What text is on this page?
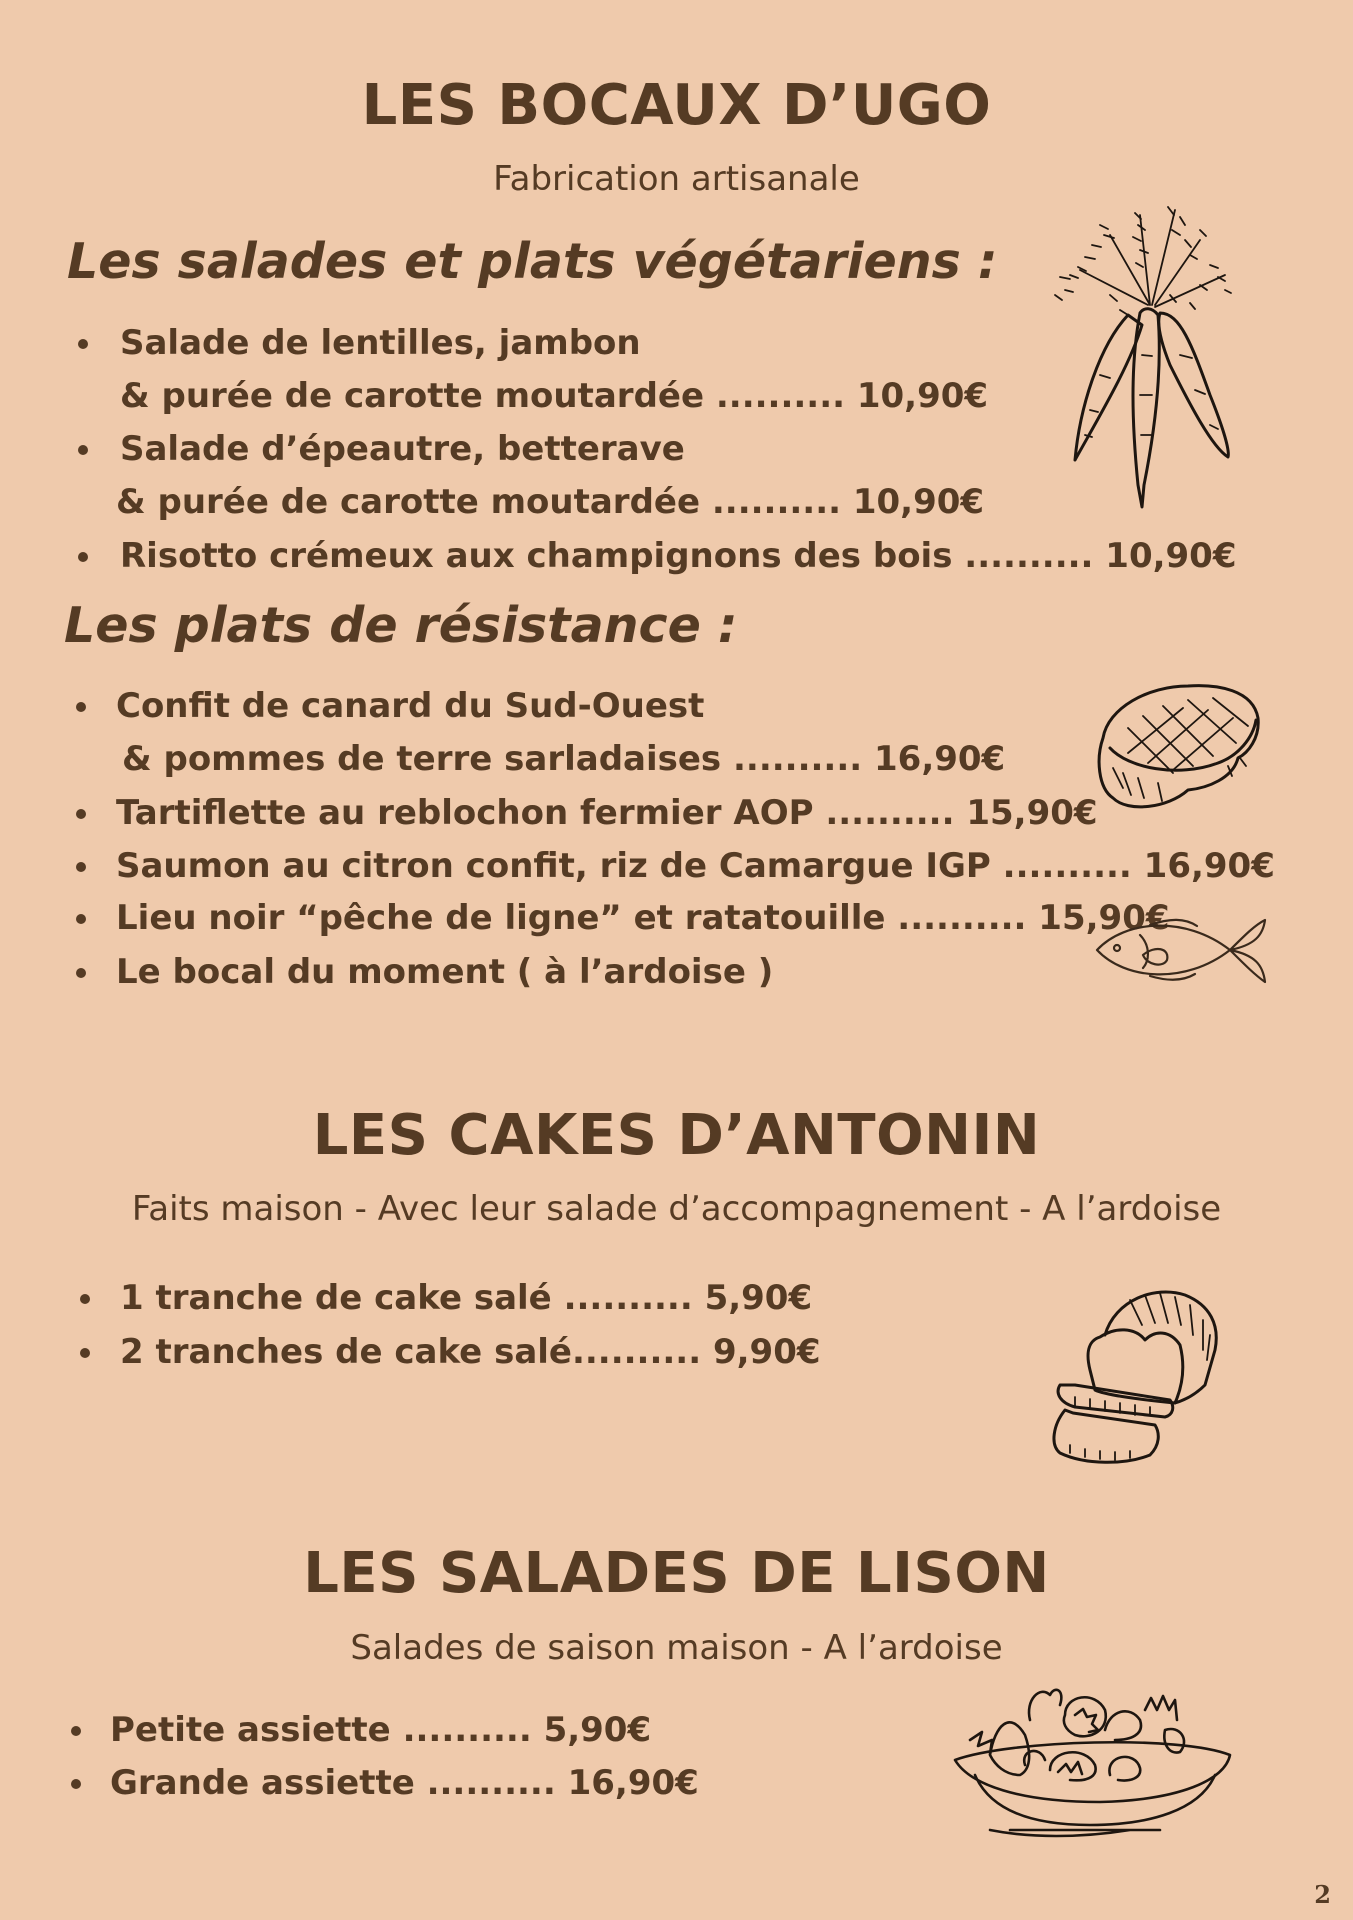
LES BOCAUX D’UGO
Fabrication artisanale
Les salades et plats végétariens :
Salade de lentilles, jambon
& purée de carotte moutardée .......... 10,90€
Salade d’épeautre, betterave
& purée de carotte moutardée .......... 10,90€
Risotto crémeux aux champignons des bois .......... 10,90€
Les plats de résistance :
Confit de canard du Sud-Ouest
& pommes de terre sarladaises .......... 16,90€
Tartiflette au reblochon fermier AOP .......... 15,90€
Saumon au citron confit, riz de Camargue IGP .......... 16,90€
Lieu noir “pêche de ligne” et ratatouille .......... 15,90€
Le bocal du moment ( à l’ardoise )
LES CAKES D’ANTONIN
Faits maison - Avec leur salade d’accompagnement - A l’ardoise
1 tranche de cake salé .......... 5,90€
2 tranches de cake salé.......... 9,90€
LES SALADES DE LISON
Salades de saison maison - A l’ardoise
Petite assiette .......... 5,90€
Grande assiette .......... 16,90€
2
